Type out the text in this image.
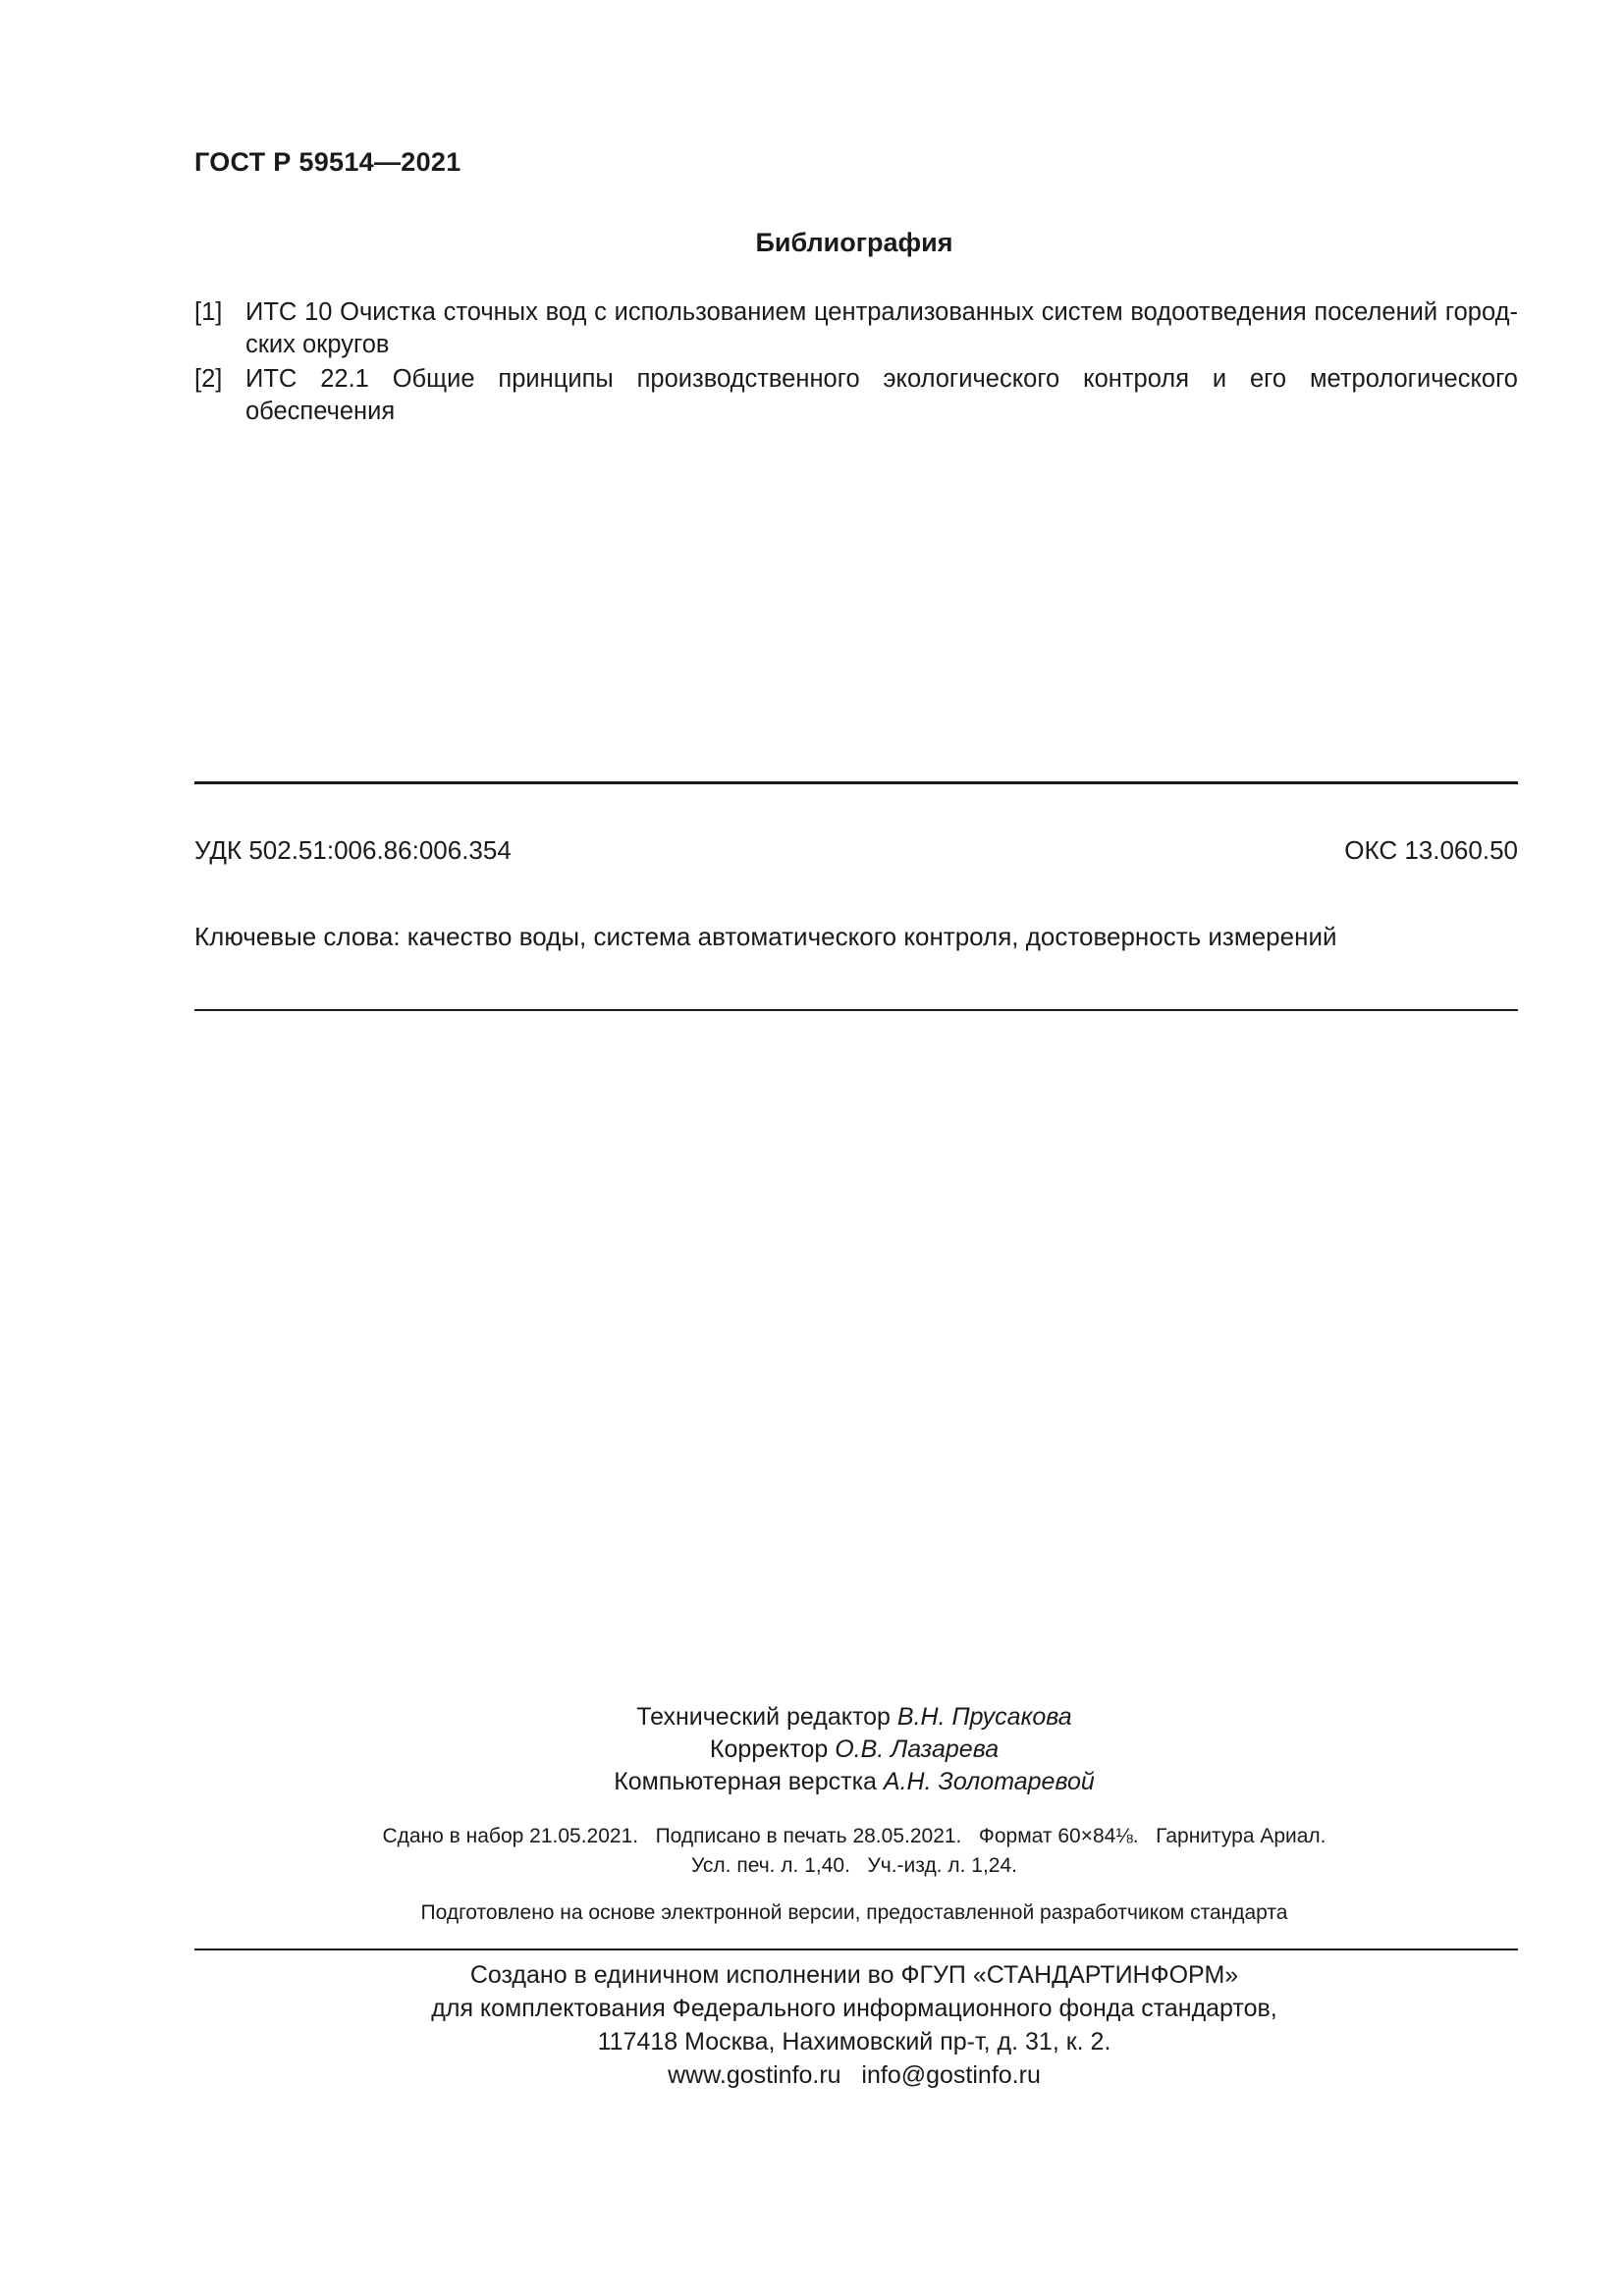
ГОСТ Р 59514—2021
Библиография
[1] ИТС 10 Очистка сточных вод с использованием централизованных систем водоотведения поселений городских округов
[2] ИТС 22.1 Общие принципы производственного экологического контроля и его метрологического обеспечения
УДК 502.51:006.86:006.354	ОКС 13.060.50
Ключевые слова: качество воды, система автоматического контроля, достоверность измерений
Технический редактор В.Н. Прусакова
Корректор О.В. Лазарева
Компьютерная верстка А.Н. Золотаревой
Сдано в набор 21.05.2021.   Подписано в печать 28.05.2021.   Формат 60×84⅛.   Гарнитура Ариал.
Усл. печ. л. 1,40.   Уч.-изд. л. 1,24.
Подготовлено на основе электронной версии, предоставленной разработчиком стандарта
Создано в единичном исполнении во ФГУП «СТАНДАРТИНФОРМ»
для комплектования Федерального информационного фонда стандартов,
117418 Москва, Нахимовский пр-т, д. 31, к. 2.
www.gostinfo.ru   info@gostinfo.ru
